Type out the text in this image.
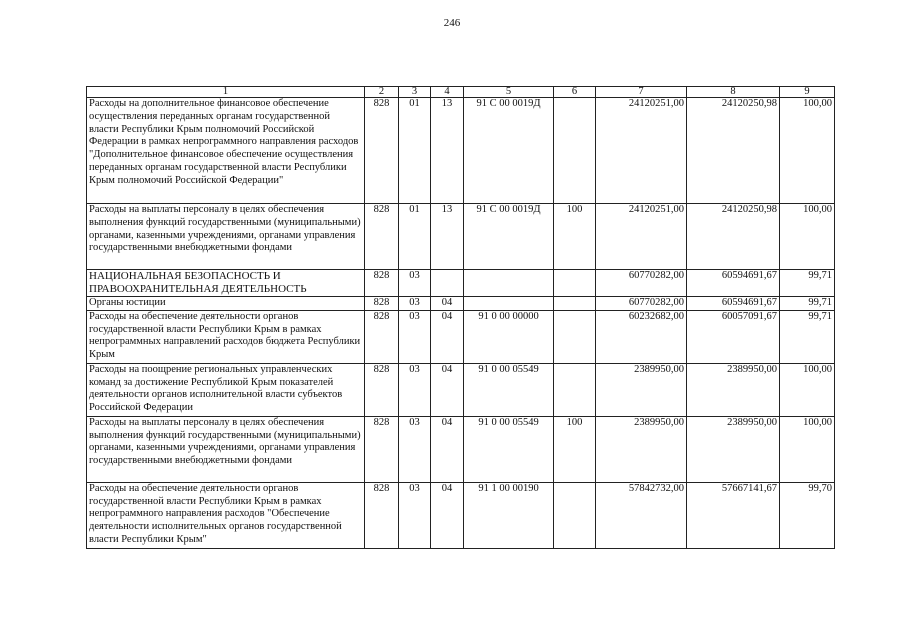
246
1	2	3	4	5	6	7	8	9
Расходы на дополнительное финансовое обеспечение осуществления переданных органам государственной власти Республики Крым полномочий Российской Федерации в рамках непрограммного направления расходов "Дополнительное финансовое обеспечение осуществления переданных органам государственной власти Республики Крым полномочий Российской Федерации"	828	01	13	91 С 00 0019Д		24120251,00	24120250,98	100,00
Расходы на выплаты персоналу в целях обеспечения выполнения функций государственными (муниципальными) органами, казенными учреждениями, органами управления государственными внебюджетными фондами	828	01	13	91 С 00 0019Д	100	24120251,00	24120250,98	100,00
НАЦИОНАЛЬНАЯ БЕЗОПАСНОСТЬ И ПРАВООХРАНИТЕЛЬНАЯ ДЕЯТЕЛЬНОСТЬ	828	03				60770282,00	60594691,67	99,71
Органы юстиции	828	03	04			60770282,00	60594691,67	99,71
Расходы на обеспечение деятельности органов государственной власти Республики Крым в рамках непрограммных направлений расходов бюджета Республики Крым	828	03	04	91 0 00 00000		60232682,00	60057091,67	99,71
Расходы на поощрение региональных управленческих команд за достижение Республикой Крым показателей деятельности органов исполнительной власти субъектов Российской Федерации	828	03	04	91 0 00 05549		2389950,00	2389950,00	100,00
Расходы на выплаты персоналу в целях обеспечения выполнения функций государственными (муниципальными) органами, казенными учреждениями, органами управления государственными внебюджетными фондами	828	03	04	91 0 00 05549	100	2389950,00	2389950,00	100,00
Расходы на обеспечение деятельности органов государственной власти Республики Крым в рамках непрограммного направления расходов "Обеспечение деятельности исполнительных органов государственной власти Республики Крым"	828	03	04	91 1 00 00190		57842732,00	57667141,67	99,70
